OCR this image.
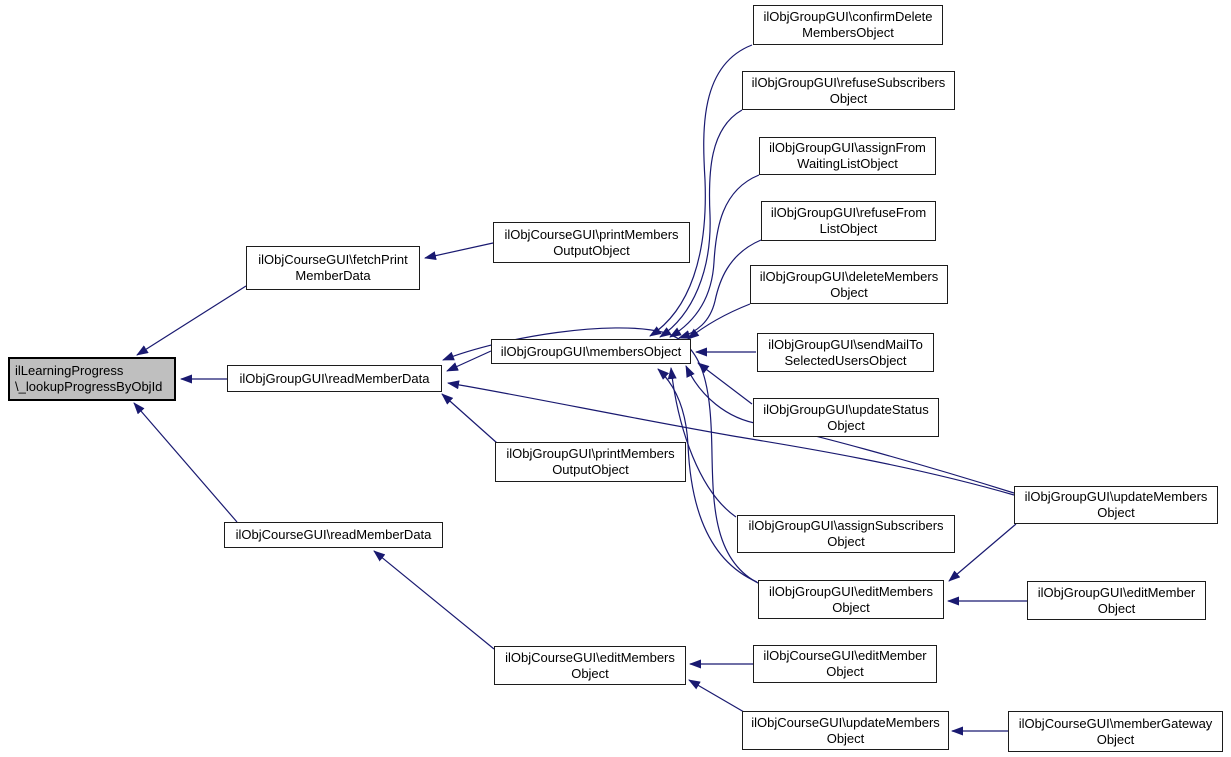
ilLearningProgress
\_lookupProgressByObjId
ilObjCourseGUI\fetchPrint
MemberData
ilObjCourseGUI\printMembers
OutputObject
ilObjGroupGUI\readMemberData
ilObjGroupGUI\membersObject
ilObjGroupGUI\confirmDelete
MembersObject
ilObjGroupGUI\refuseSubscribers
Object
ilObjGroupGUI\assignFrom
WaitingListObject
ilObjGroupGUI\refuseFrom
ListObject
ilObjGroupGUI\deleteMembers
Object
ilObjGroupGUI\sendMailTo
SelectedUsersObject
ilObjGroupGUI\updateStatus
Object
ilObjGroupGUI\printMembers
OutputObject
ilObjGroupGUI\assignSubscribers
Object
ilObjGroupGUI\updateMembers
Object
ilObjGroupGUI\editMembers
Object
ilObjGroupGUI\editMember
Object
ilObjCourseGUI\readMemberData
ilObjCourseGUI\editMembers
Object
ilObjCourseGUI\editMember
Object
ilObjCourseGUI\updateMembers
Object
ilObjCourseGUI\memberGateway
Object
